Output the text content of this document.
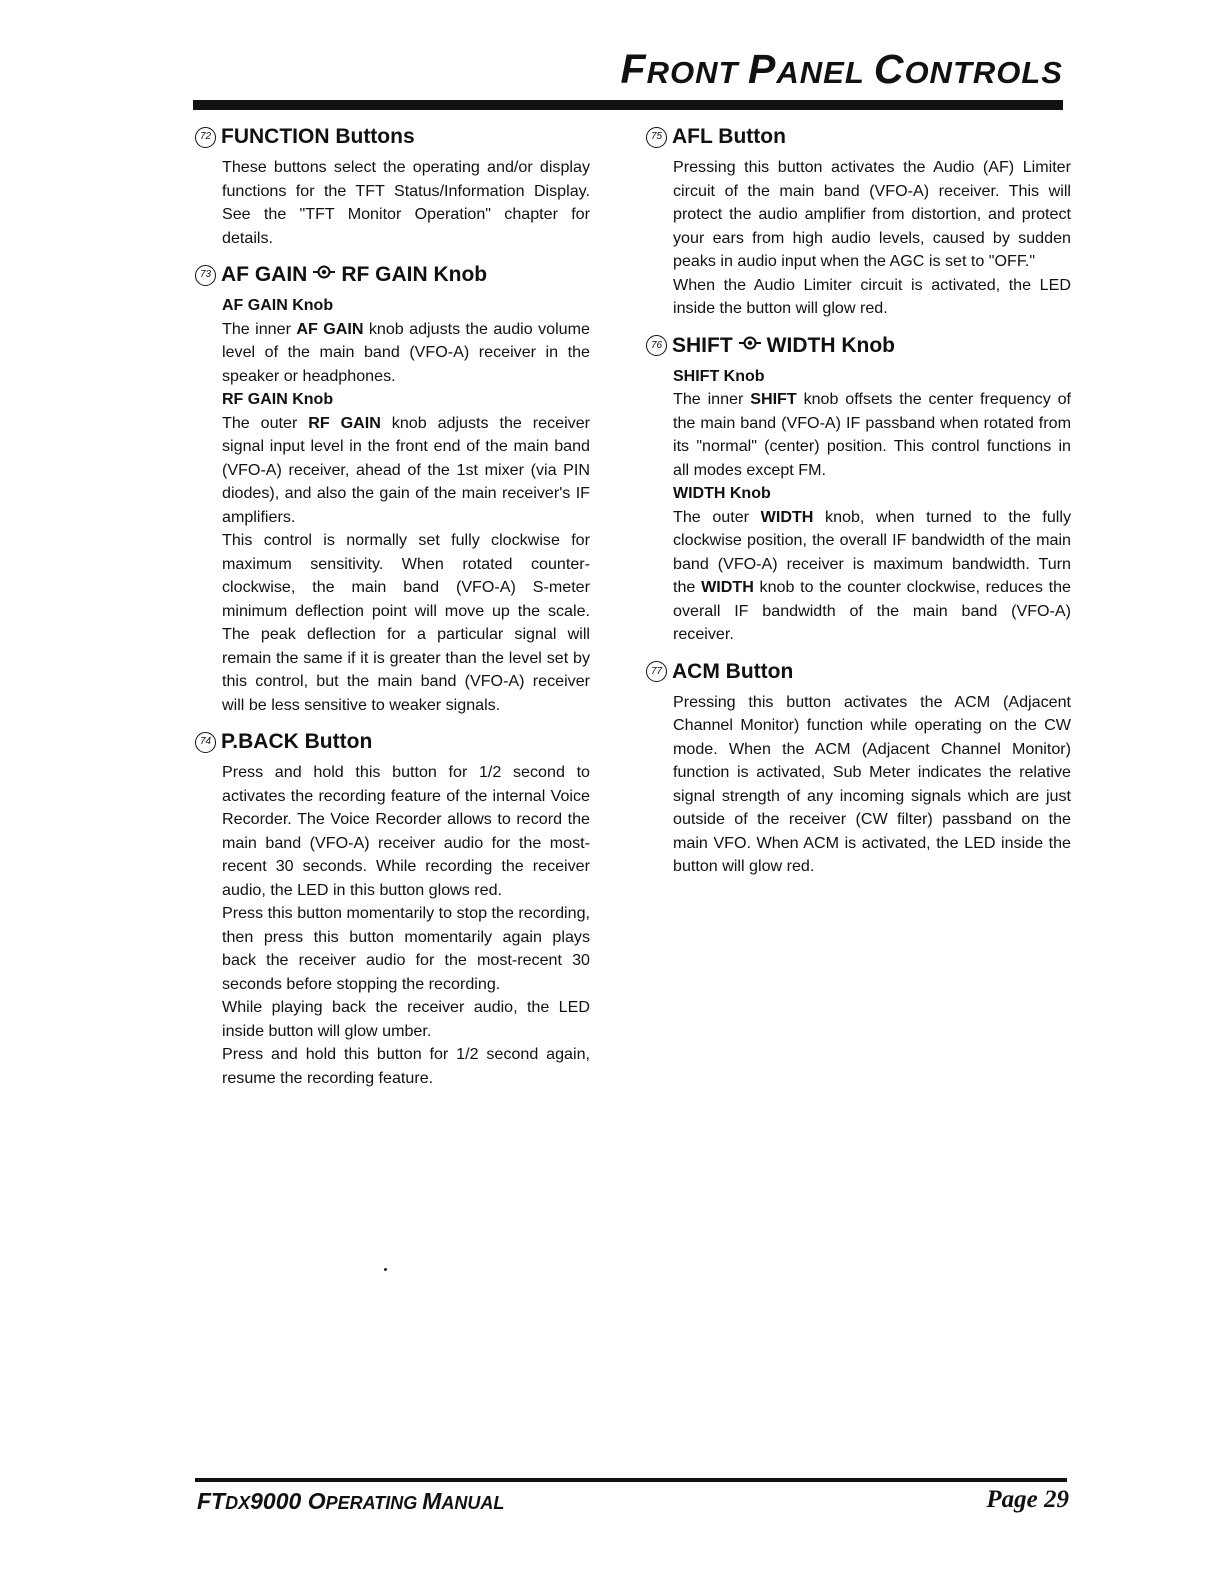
FRONT PANEL CONTROLS
72 FUNCTION Buttons

These buttons select the operating and/or display functions for the TFT Status/Information Display. See the "TFT Monitor Operation" chapter for details.

73 AF GAIN RF GAIN Knob

AF GAIN Knob

The inner AF GAIN knob adjusts the audio volume level of the main band (VFO-A) receiver in the speaker or headphones.

RF GAIN Knob

The outer RF GAIN knob adjusts the receiver signal input level in the front end of the main band (VFO-A) receiver, ahead of the 1st mixer (via PIN diodes), and also the gain of the main receiver's IF amplifiers.

This control is normally set fully clockwise for maximum sensitivity. When rotated counter-clockwise, the main band (VFO-A) S-meter minimum deflection point will move up the scale. The peak deflection for a particular signal will remain the same if it is greater than the level set by this control, but the main band (VFO-A) receiver will be less sensitive to weaker signals.

74 P.BACK Button

Press and hold this button for 1/2 second to activates the recording feature of the internal Voice Recorder. The Voice Recorder allows to record the main band (VFO-A) receiver audio for the most-recent 30 seconds. While recording the receiver audio, the LED in this button glows red.

Press this button momentarily to stop the recording, then press this button momentarily again plays back the receiver audio for the most-recent 30 seconds before stopping the recording.

While playing back the receiver audio, the LED inside button will glow umber.

Press and hold this button for 1/2 second again, resume the recording feature.

75 AFL Button

Pressing this button activates the Audio (AF) Limiter circuit of the main band (VFO-A) receiver. This will protect the audio amplifier from distortion, and protect your ears from high audio levels, caused by sudden peaks in audio input when the AGC is set to "OFF."

When the Audio Limiter circuit is activated, the LED inside the button will glow red.

76 SHIFT WIDTH Knob

SHIFT Knob

The inner SHIFT knob offsets the center frequency of the main band (VFO-A) IF passband when rotated from its "normal" (center) position. This control functions in all modes except FM.

WIDTH Knob

The outer WIDTH knob, when turned to the fully clockwise position, the overall IF bandwidth of the main band (VFO-A) receiver is maximum bandwidth. Turn the WIDTH knob to the counter clockwise, reduces the overall IF bandwidth of the main band (VFO-A) receiver.

77 ACM Button

Pressing this button activates the ACM (Adjacent Channel Monitor) function while operating on the CW mode. When the ACM (Adjacent Channel Monitor) function is activated, Sub Meter indicates the relative signal strength of any incoming signals which are just outside of the receiver (CW filter) passband on the main VFO. When ACM is activated, the LED inside the button will glow red.

FTDX9000 OPERATING MANUAL	Page 29
